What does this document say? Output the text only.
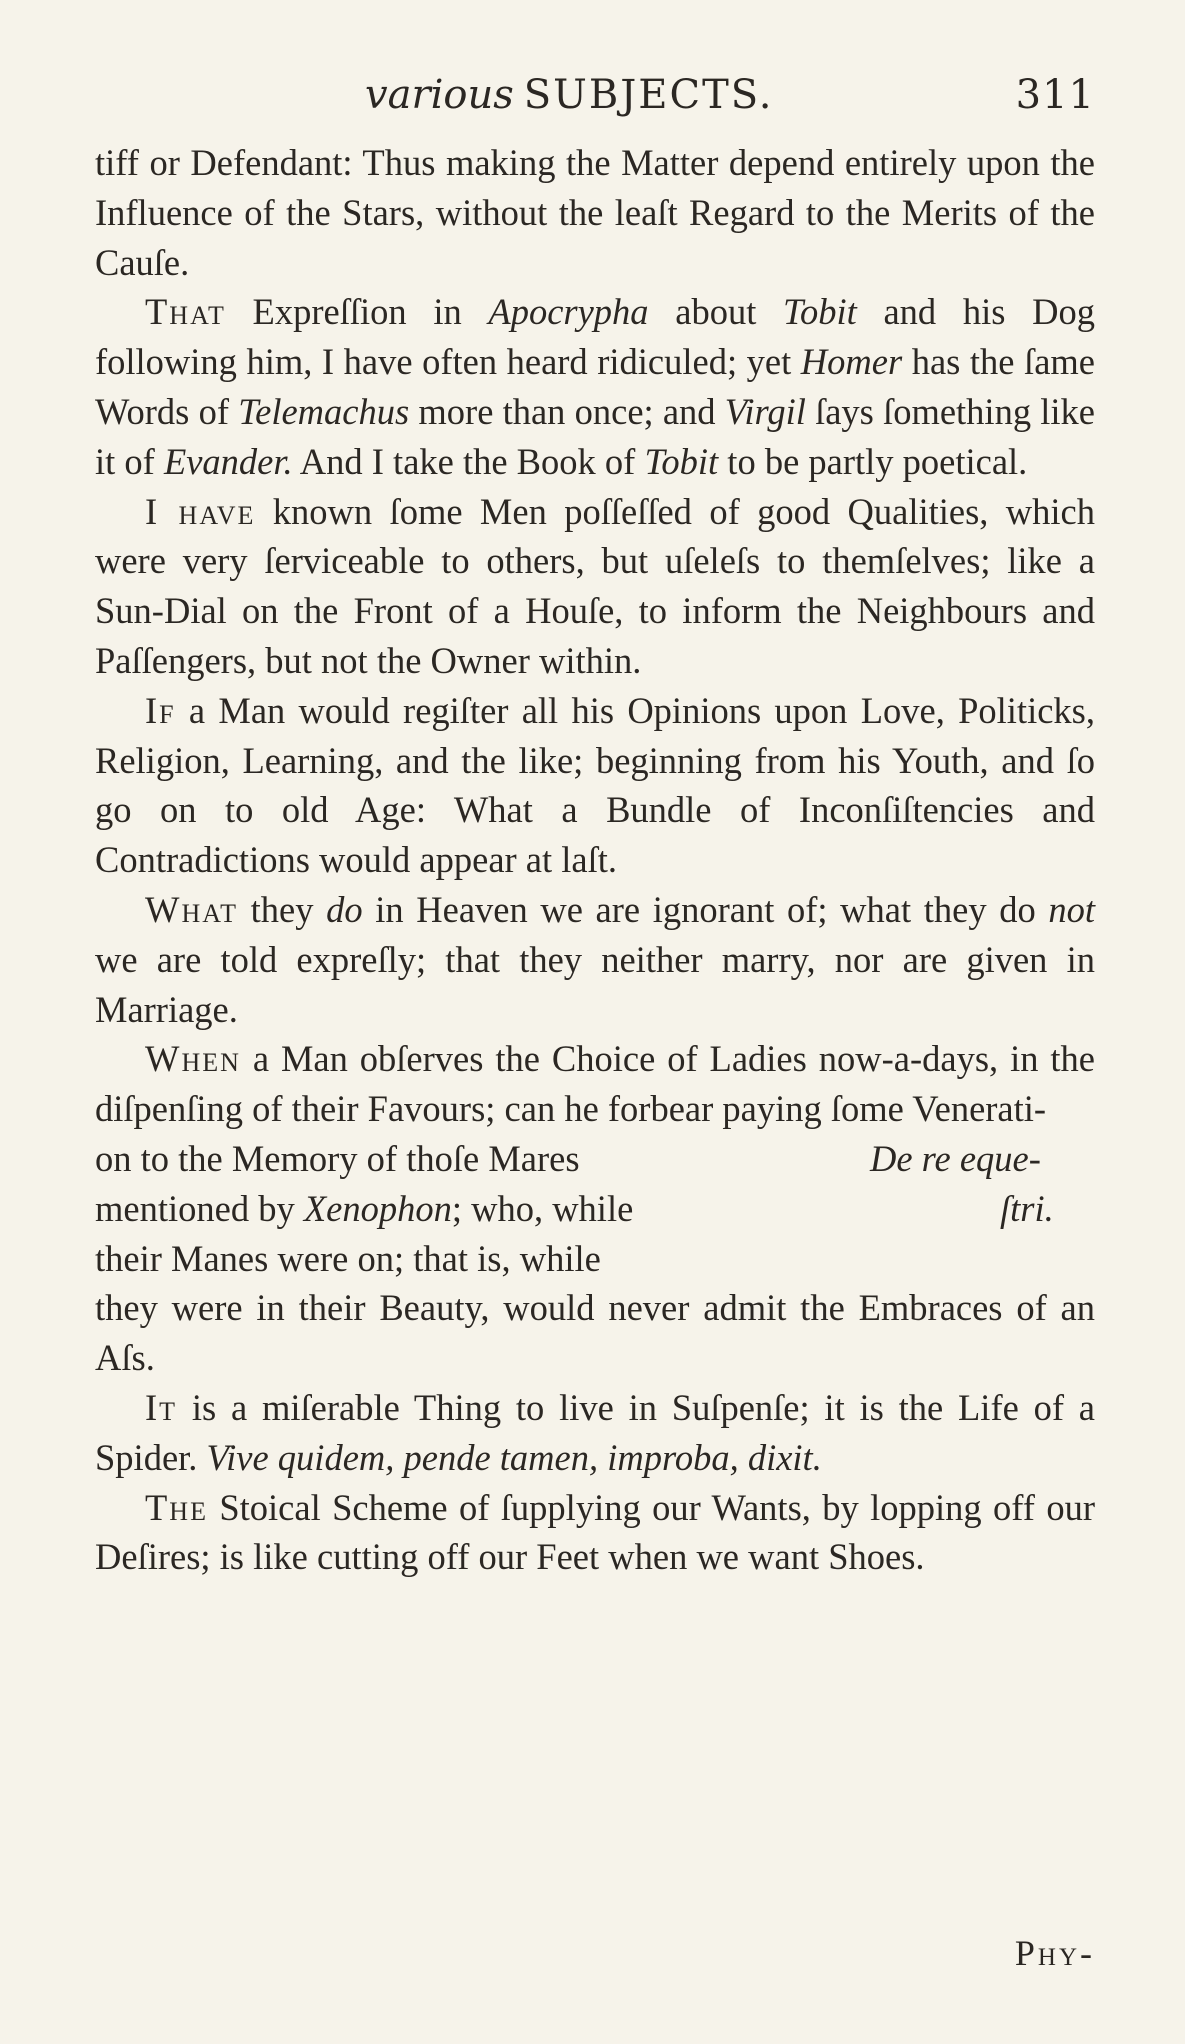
various SUBJECTS.	311

tiff or Defendant: Thus making the Matter depend entirely upon the Influence of the Stars, without the leaſt Regard to the Merits of the Cauſe.

That Expreſſion in Apocrypha about Tobit and his Dog following him, I have often heard ridiculed; yet Homer has the ſame Words of Telemachus more than once; and Virgil ſays ſomething like it of Evander. And I take the Book of Tobit to be partly poetical.

I have known ſome Men poſſeſſed of good Qualities, which were very ſerviceable to others, but uſeleſs to themſelves; like a Sun-Dial on the Front of a Houſe, to inform the Neighbours and Paſſengers, but not the Owner within.

If a Man would regiſter all his Opinions upon Love, Politicks, Religion, Learning, and the like; beginning from his Youth, and ſo go on to old Age: What a Bundle of Inconſiſtencies and Contradictions would appear at laſt.

What they do in Heaven we are ignorant of; what they do not we are told expreſly; that they neither marry, nor are given in Marriage.

When a Man obſerves the Choice of Ladies now-a-days, in the diſpenſing of their Favours; can he forbear paying ſome Venerati-

on to the Memory of thoſe Mares
mentioned by Xenophon; who, while
their Manes were on; that is, while
De re eque-
ſtri.

they were in their Beauty, would never admit the Embraces of an Aſs.

It is a miſerable Thing to live in Suſpenſe; it is the Life of a Spider. Vive quidem, pende tamen, improba, dixit.

The Stoical Scheme of ſupplying our Wants, by lopping off our Deſires; is like cutting off our Feet when we want Shoes.

Phy-
